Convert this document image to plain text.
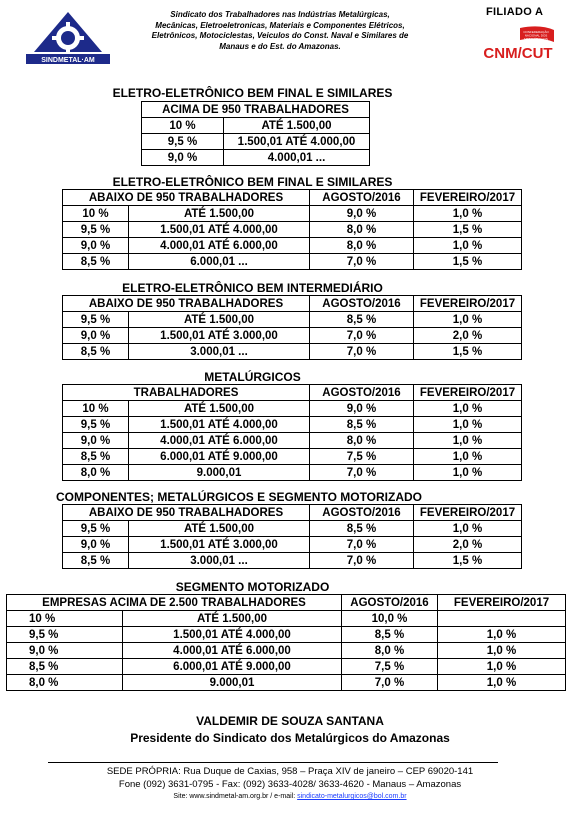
SINDMETAL·AM
Sindicato dos Trabalhadores nas Indústrias Metalúrgicas,
Mecânicas, Eletroeletronicas, Materiais e Componentes Elétricos,
Eletrônicos, Motociclestas, Veiculos do Const. Naval e Similares de
Manaus e do Est. do Amazonas.
FILIADO A
CONFEDERAÇÃO
NACIONAL DOS
METALÚRGICOS
CNM/CUT
ELETRO-ELETRÔNICO BEM FINAL E SIMILARES
ACIMA DE 950 TRABALHADORES	
10 %	ATÉ 1.500,00
9,5 %	1.500,01 ATÉ 4.000,00
9,0 %	4.000,01 ...
ELETRO-ELETRÔNICO BEM FINAL E SIMILARES
ABAIXO DE 950 TRABALHADORES		AGOSTO/2016	FEVEREIRO/2017
10 %	ATÉ 1.500,00	9,0 %	1,0 %
9,5 %	1.500,01 ATÉ 4.000,00	8,0 %	1,5 %
9,0 %	4.000,01 ATÉ 6.000,00	8,0 %	1,0 %
8,5 %	6.000,01 ...	7,0 %	1,5 %
ELETRO-ELETRÔNICO BEM INTERMEDIÁRIO
ABAIXO DE 950 TRABALHADORES		AGOSTO/2016	FEVEREIRO/2017
9,5 %	ATÉ 1.500,00	8,5 %	1,0 %
9,0 %	1.500,01 ATÉ 3.000,00	7,0 %	2,0 %
8,5 %	3.000,01 ...	7,0 %	1,5 %
METALÚRGICOS
TRABALHADORES		AGOSTO/2016	FEVEREIRO/2017
10 %	ATÉ 1.500,00	9,0 %	1,0 %
9,5 %	1.500,01 ATÉ 4.000,00	8,5 %	1,0 %
9,0 %	4.000,01 ATÉ 6.000,00	8,0 %	1,0 %
8,5 %	6.000,01 ATÉ 9.000,00	7,5 %	1,0 %
8,0 %	9.000,01	7,0 %	1,0 %
COMPONENTES; METALÚRGICOS E SEGMENTO MOTORIZADO
ABAIXO DE 950 TRABALHADORES		AGOSTO/2016	FEVEREIRO/2017
9,5 %	ATÉ 1.500,00	8,5 %	1,0 %
9,0 %	1.500,01 ATÉ 3.000,00	7,0 %	2,0 %
8,5 %	3.000,01 ...	7,0 %	1,5 %
SEGMENTO MOTORIZADO
EMPRESAS ACIMA DE 2.500 TRABALHADORES		AGOSTO/2016	FEVEREIRO/2017
10 %	ATÉ 1.500,00	10,0 %	
9,5 %	1.500,01 ATÉ 4.000,00	8,5 %	1,0 %
9,0 %	4.000,01 ATÉ 6.000,00	8,0 %	1,0 %
8,5 %	6.000,01 ATÉ 9.000,00	7,5 %	1,0 %
8,0 %	9.000,01	7,0 %	1,0 %
VALDEMIR DE SOUZA SANTANA
Presidente do Sindicato dos Metalúrgicos do Amazonas
SEDE PRÓPRIA: Rua Duque de Caxias, 958 – Praça XIV de janeiro – CEP 69020-141
Fone (092) 3631-0795 - Fax: (092) 3633-4028/ 3633-4620 - Manaus – Amazonas
Site: www.sindmetal-am.org.br / e-mail: sindicato-metalurgicos@bol.com.br
